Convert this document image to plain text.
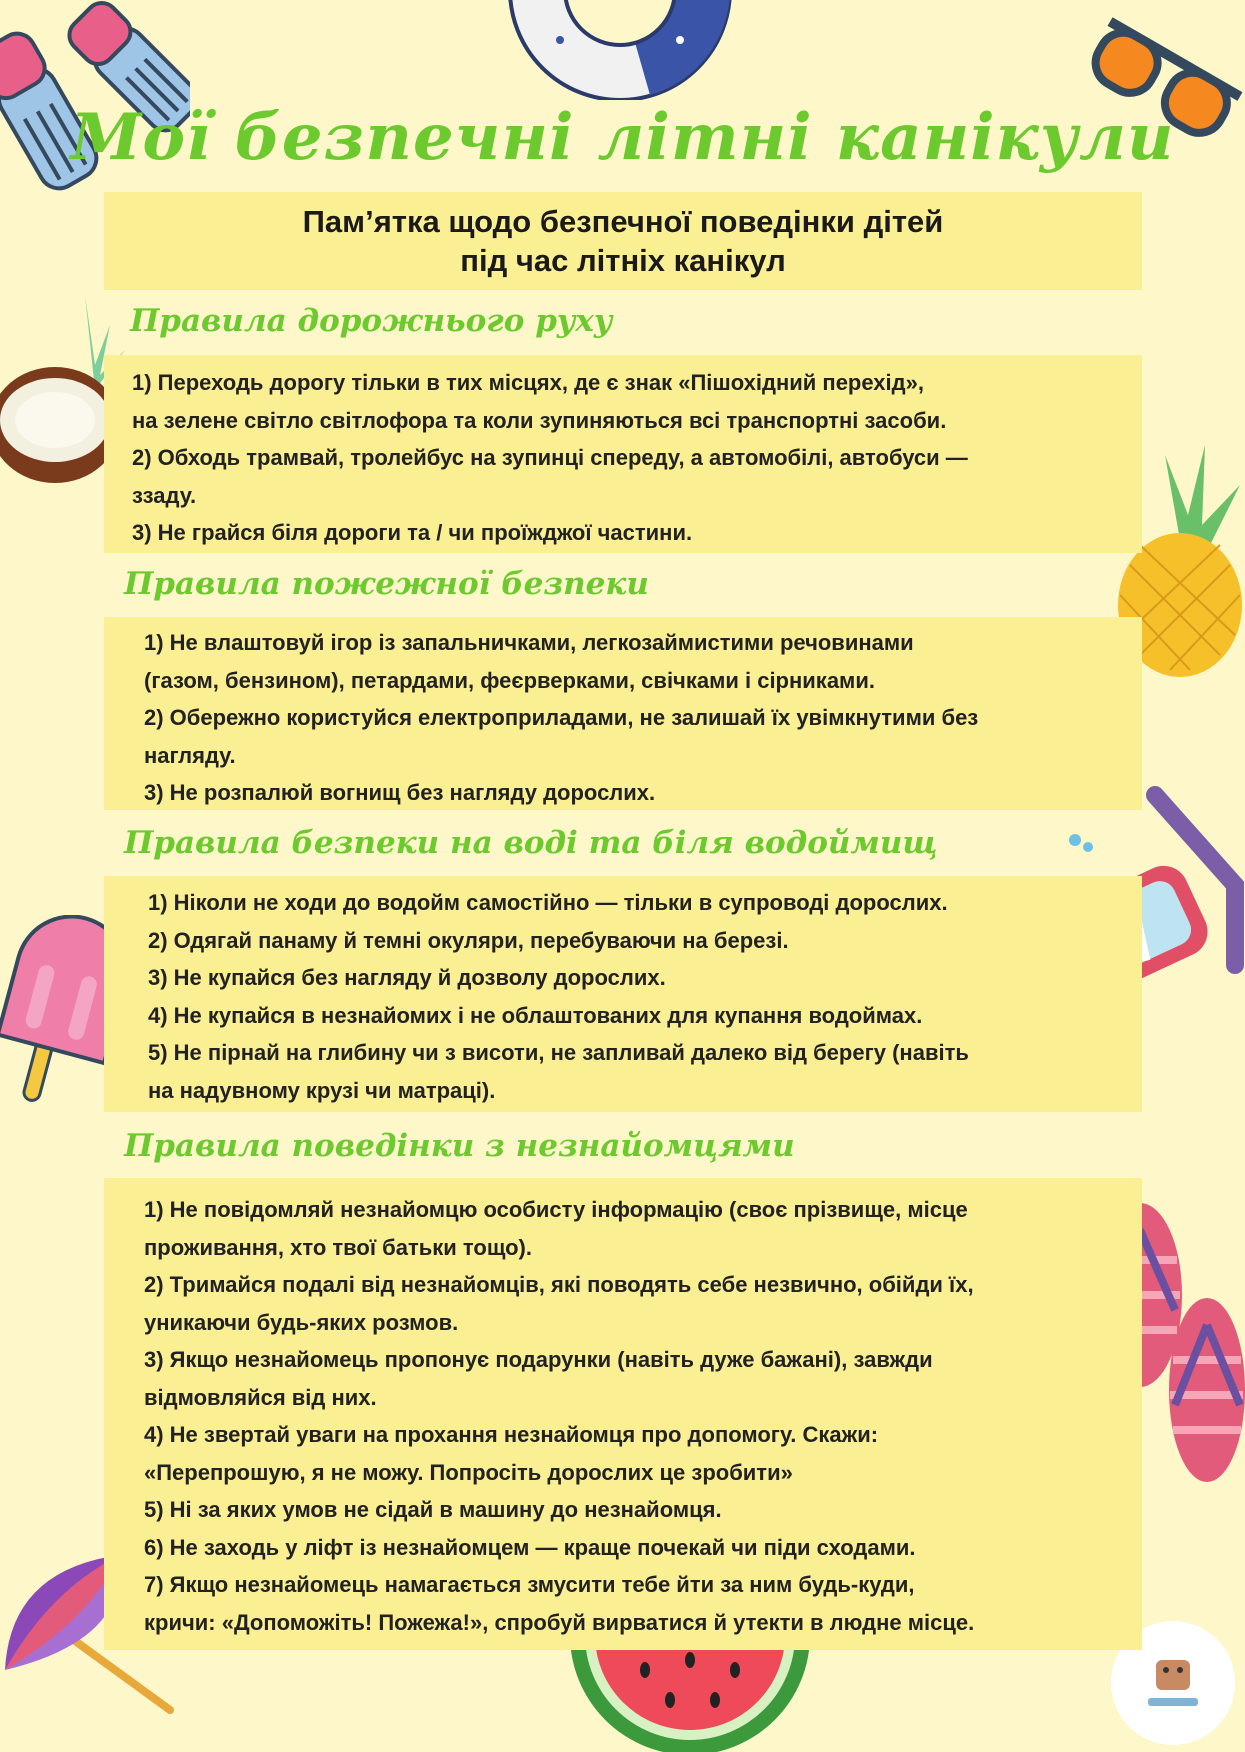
Мої безпечні літні канікули
Пам’ятка щодо безпечної поведінки дітей
під час літніх канікул
Правила дорожнього руху
1) Переходь дорогу тільки в тих місцях, де є знак «Пішохідний перехід»,
на зелене світло світлофора та коли зупиняються всі транспортні засоби.
2) Обходь трамвай, тролейбус на зупинці спереду, а автомобілі, автобуси —
ззаду.
3) Не грайся біля дороги та / чи проїжджої частини.
Правила пожежної безпеки
1) Не влаштовуй ігор із запальничками, легкозаймистими речовинами
(газом, бензином), петардами, феєрверками, свічками і сірниками.
2) Обережно користуйся електроприладами, не залишай їх увімкнутими без
нагляду.
3) Не розпалюй вогнищ без нагляду дорослих.
Правила безпеки на воді та біля водоймищ
1) Ніколи не ходи до водойм самостійно — тільки в супроводі дорослих.
2) Одягай панаму й темні окуляри, перебуваючи на березі.
3) Не купайся без нагляду й дозволу дорослих.
4) Не купайся в незнайомих і не облаштованих для купання водоймах.
5) Не пірнай на глибину чи з висоти, не запливай далеко від берегу (навіть
на надувному крузі чи матраці).
Правила поведінки з незнайомцями
1) Не повідомляй незнайомцю особисту інформацію (своє прізвище, місце
проживання, хто твої батьки тощо).
2) Тримайся подалі від незнайомців, які поводять себе незвично, обійди їх,
уникаючи будь-яких розмов.
3) Якщо незнайомець пропонує подарунки (навіть дуже бажані), завжди
відмовляйся від них.
4) Не звертай уваги на прохання незнайомця про допомогу. Скажи:
«Перепрошую, я не можу. Попросіть дорослих це зробити»
5) Ні за яких умов не сідай в машину до незнайомця.
6) Не заходь у ліфт із незнайомцем — краще почекай чи піди сходами.
7) Якщо незнайомець намагається змусити тебе йти за ним будь-куди,
кричи: «Допоможіть! Пожежа!», спробуй вирватися й утекти в людне місце.
